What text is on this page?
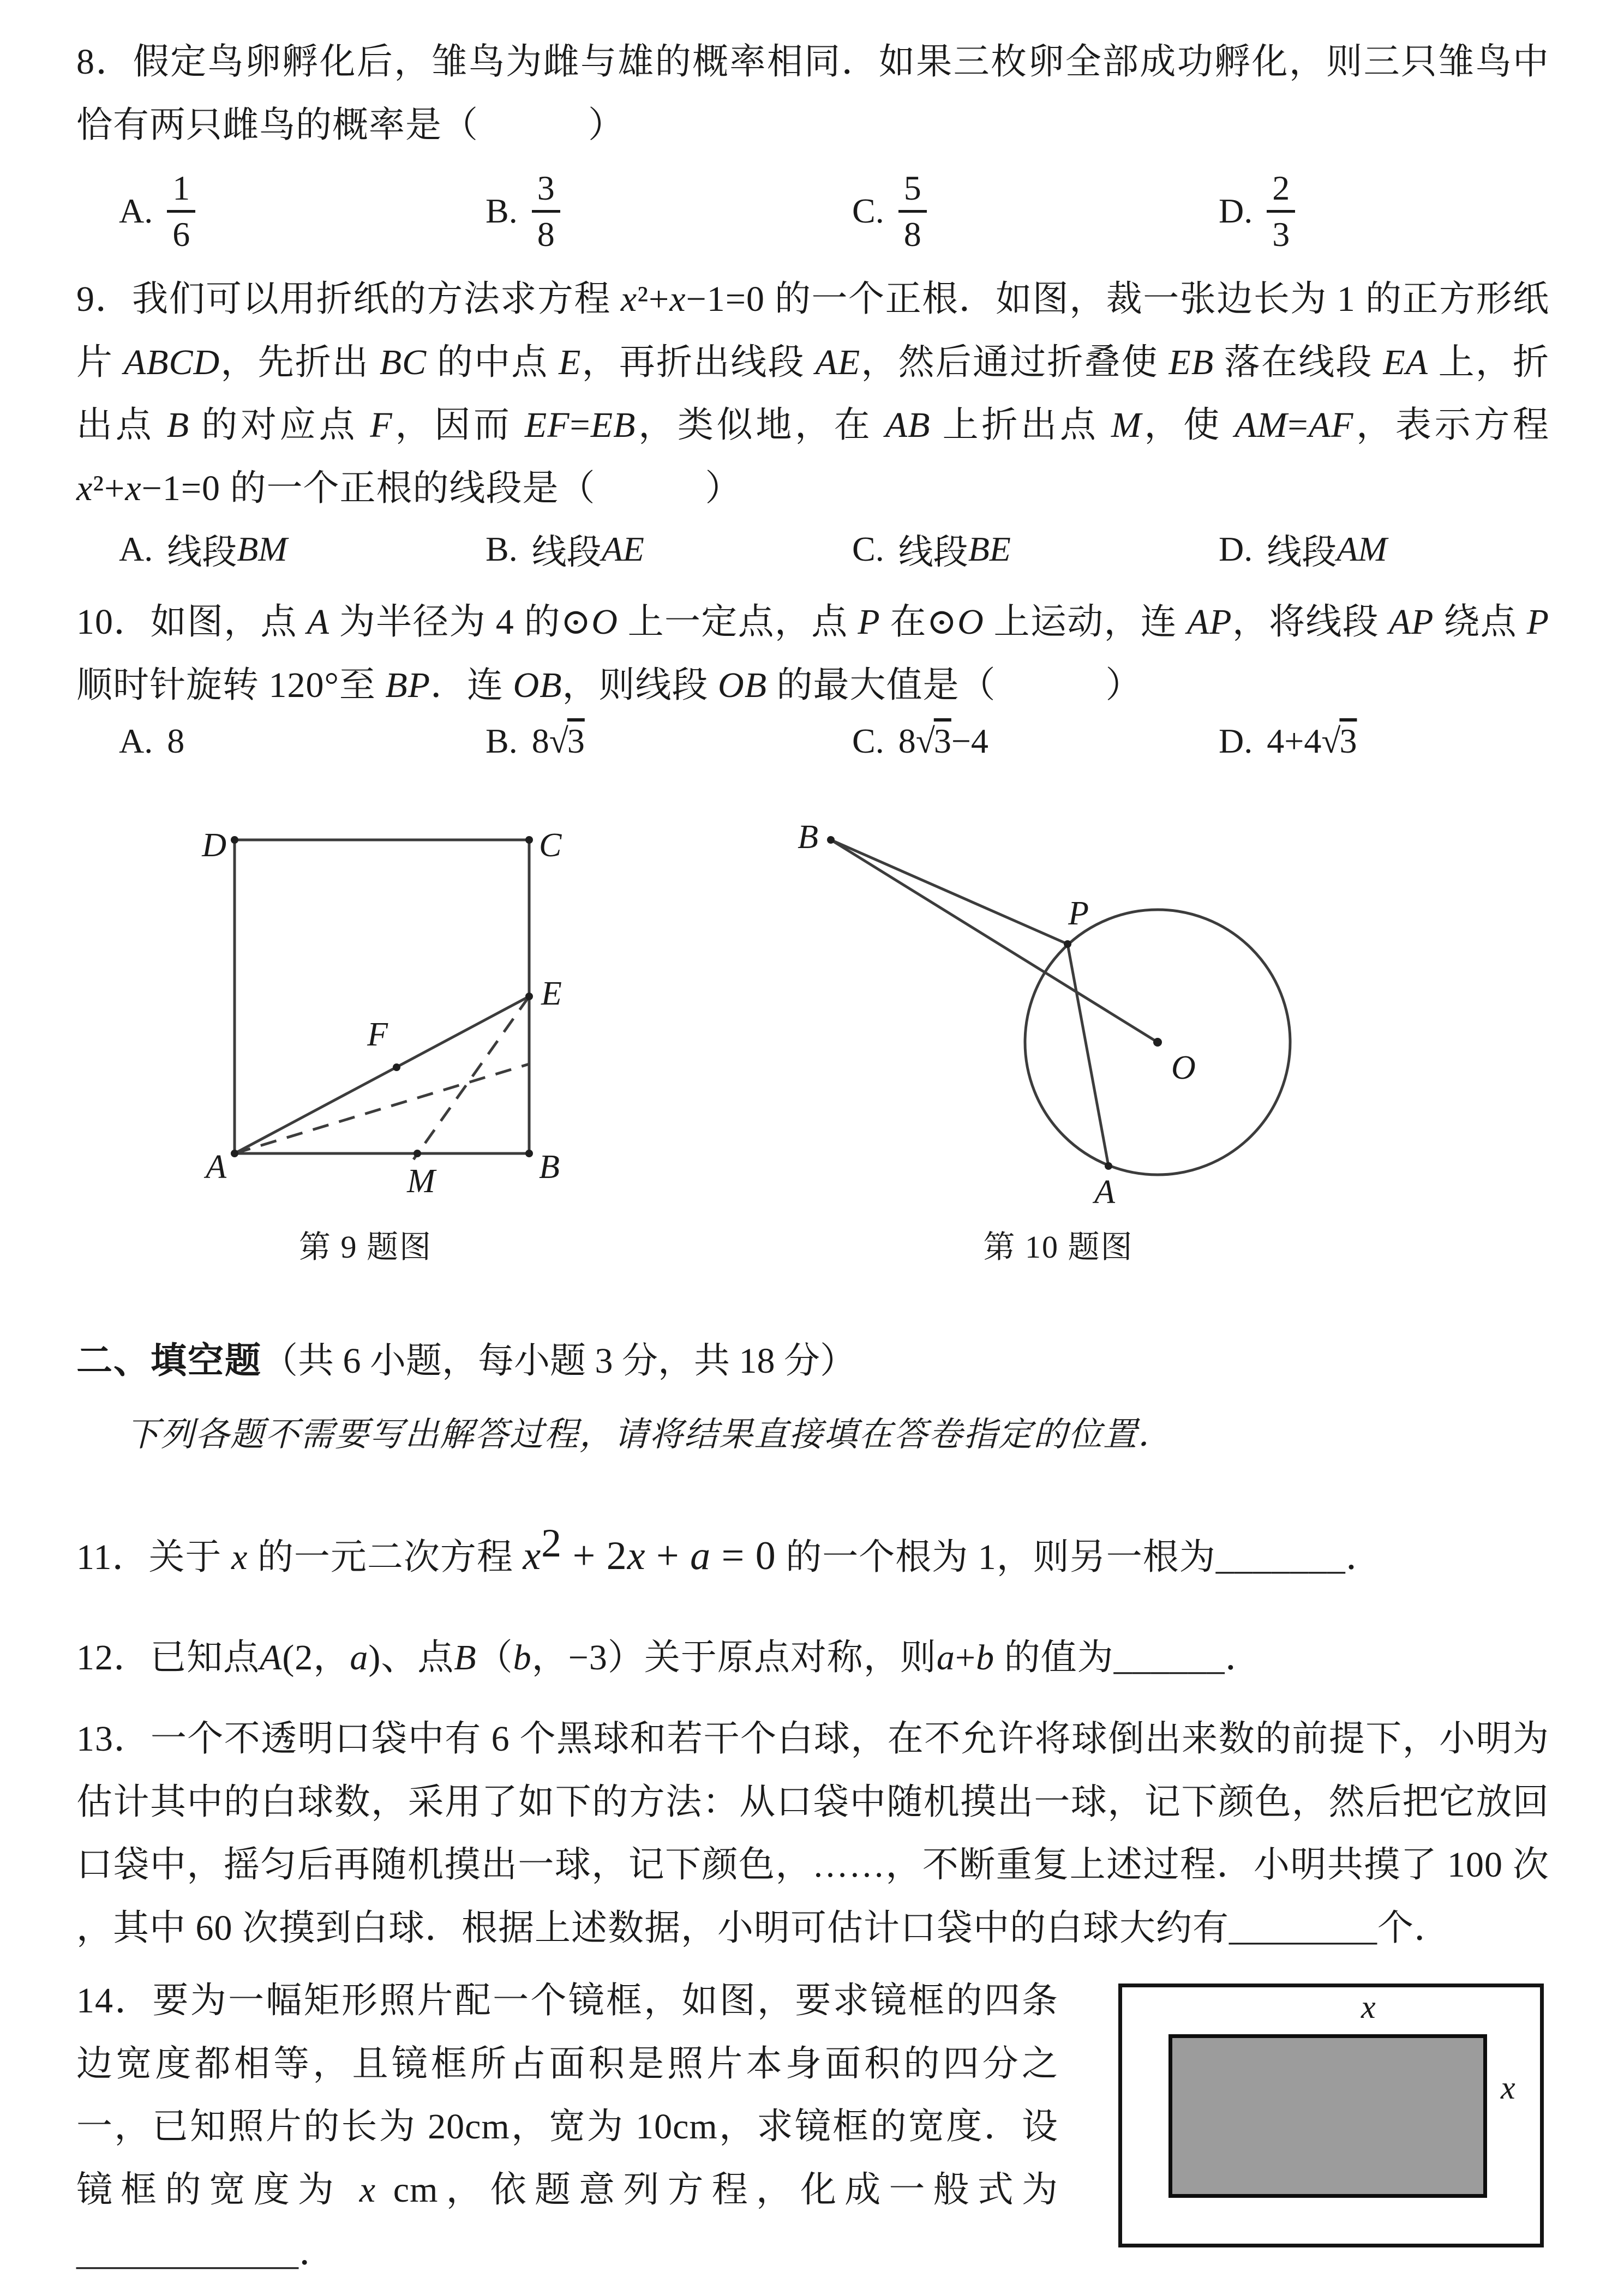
8．假定鸟卵孵化后，雏鸟为雌与雄的概率相同．如果三枚卵全部成功孵化，则三只雏鸟中恰有两只雌鸟的概率是（　　　）

A. $\frac{1}{6}$	B. $\frac{3}{8}$	C. $\frac{5}{8}$	D. $\frac{2}{3}$

9．我们可以用折纸的方法求方程 x²+x−1=0 的一个正根．如图，裁一张边长为 1 的正方形纸片 ABCD，先折出 BC 的中点 E，再折出线段 AE，然后通过折叠使 EB 落在线段 EA 上，折出点 B 的对应点 F，因而 EF=EB，类似地，在 AB 上折出点 M，使 AM=AF，表示方程 x²+x−1=0 的一个正根的线段是（　　　）

A. 线段 BM	B. 线段 AE	C. 线段 BE	D. 线段 AM

10．如图，点 A 为半径为 4 的⊙O 上一定点，点 P 在⊙O 上运动，连 AP，将线段 AP 绕点 P 顺时针旋转 120°至 BP．连 OB，则线段 OB 的最大值是（　　　）

A. 8	B. 8 √
3	C. 8 √
3 −4	D. 4+4 √
3
D	C
A	B
E
F
M
第 9 题图
B
P
O
A
第 10 题图
二、填空题（共 6 小题，每小题 3 分，共 18 分）

下列各题不需要写出解答过程，请将结果直接填在答卷指定的位置．

11．关于 x 的一元二次方程 $x^2 + 2x + a = 0$ 的一个根为 1，则另一根为_______．

12．已知点A(2，a)、点B（b，−3）关于原点对称，则a+b 的值为______．

13．一个不透明口袋中有 6 个黑球和若干个白球，在不允许将球倒出来数的前提下，小明为估计其中的白球数，采用了如下的方法：从口袋中随机摸出一球，记下颜色，然后把它放回口袋中，摇匀后再随机摸出一球，记下颜色，……，不断重复上述过程．小明共摸了 100 次 ，其中 60 次摸到白球．根据上述数据，小明可估计口袋中的白球大约有________个．

x
x

14．要为一幅矩形照片配一个镜框，如图，要求镜框的四条边宽度都相等，且镜框所占面积是照片本身面积的四分之一，已知照片的长为 20cm，宽为 10cm，求镜框的宽度．设镜框的宽度为 x cm，依题意列方程，化成一般式为 ____________．
